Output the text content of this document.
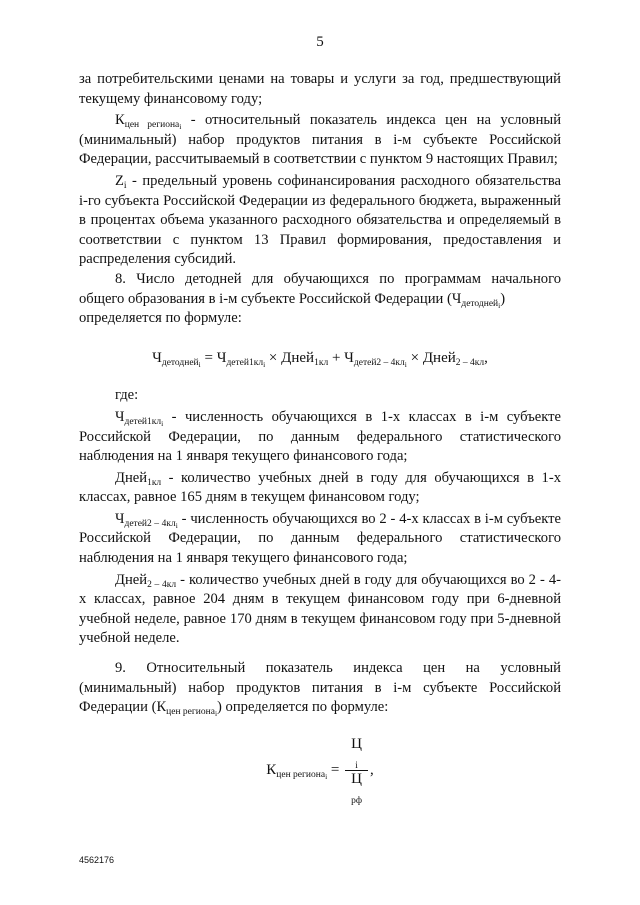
5

за потребительскими ценами на товары и услуги за год, предшествующий текущему финансовому году;

$К_{цен региона_i}$ - относительный показатель индекса цен на условный (минимальный) набор продуктов питания в i-м субъекте Российской Федерации, рассчитываемый в соответствии с пунктом 9 настоящих Правил;

$Z_i$ - предельный уровень софинансирования расходного обязательства i-го субъекта Российской Федерации из федерального бюджета, выраженный в процентах объема указанного расходного обязательства и определяемый в соответствии с пунктом 13 Правил формирования, предоставления и распределения субсидий.

8. Число детодней для обучающихся по программам начального общего образования в i-м субъекте Российской Федерации $(Ч_{детодней_i})$
определяется по формуле:

$Ч_{детодней_i} = Ч_{детей1кл_i}$ × Дней$_{1кл}$ + $Ч_{детей2 - 4кл_i}$ × Дней$_{2 - 4кл}$,

где:

$Ч_{детей1кл_i}$ - численность обучающихся в 1-х классах в i-м субъекте Российской Федерации, по данным федерального статистического наблюдения на 1 января текущего финансового года;

Дней$_{1кл}$ - количество учебных дней в году для обучающихся в 1-х классах, равное 165 дням в текущем финансовом году;

$Ч_{детей2 - 4кл_i}$ - численность обучающихся во 2 - 4-х классах в i-м субъекте Российской Федерации, по данным федерального статистического наблюдения на 1 января текущего финансового года;

Дней$_{2 - 4кл}$ - количество учебных дней в году для обучающихся во 2 - 4-х классах, равное 204 дням в текущем финансовом году при 6-дневной учебной неделе, равное 170 дням в текущем финансовом году при 5-дневной учебной неделе.

9. Относительный показатель индекса цен на условный (минимальный) набор продуктов питания в i-м субъекте Российской Федерации $(К_{цен региона_i})$ определяется по формуле:

$К_{цен региона_i} = Ц$
$_i$
Ц
$_{рф}$ ,

4562176
